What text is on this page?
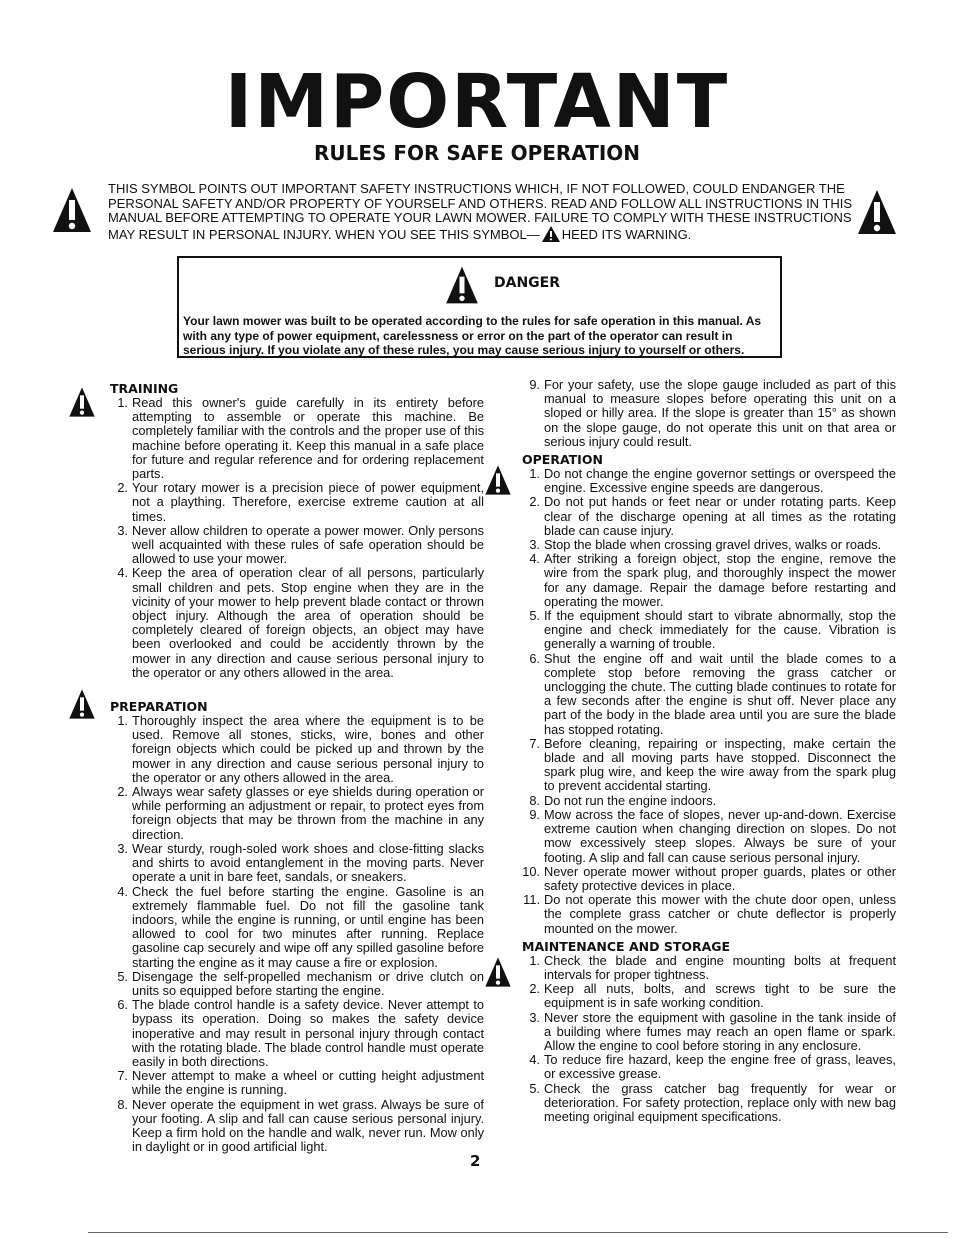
IMPORTANT
RULES FOR SAFE OPERATION
THIS SYMBOL POINTS OUT IMPORTANT SAFETY INSTRUCTIONS WHICH, IF NOT FOLLOWED, COULD ENDANGER THE PERSONAL SAFETY AND/OR PROPERTY OF YOURSELF AND OTHERS. READ AND FOLLOW ALL INSTRUCTIONS IN THIS MANUAL BEFORE ATTEMPTING TO OPERATE YOUR LAWN MOWER. FAILURE TO COMPLY WITH THESE INSTRUCTIONS MAY RESULT IN PERSONAL INJURY. WHEN YOU SEE THIS SYMBOL— HEED ITS WARNING.
DANGER
Your lawn mower was built to be operated according to the rules for safe operation in this manual. As with any type of power equipment, carelessness or error on the part of the operator can result in serious injury. If you violate any of these rules, you may cause serious injury to yourself or others.
TRAINING
1. Read this owner's guide carefully in its entirety before attempting to assemble or operate this machine. Be completely familiar with the controls and the proper use of this machine before operating it. Keep this manual in a safe place for future and regular reference and for ordering replacement parts.
2. Your rotary mower is a precision piece of power equipment, not a plaything. Therefore, exercise extreme caution at all times.
3. Never allow children to operate a power mower. Only persons well acquainted with these rules of safe operation should be allowed to use your mower.
4. Keep the area of operation clear of all persons, particularly small children and pets. Stop engine when they are in the vicinity of your mower to help prevent blade contact or thrown object injury. Although the area of operation should be completely cleared of foreign objects, an object may have been overlooked and could be accidently thrown by the mower in any direction and cause serious personal injury to the operator or any others allowed in the area.
PREPARATION
1. Thoroughly inspect the area where the equipment is to be used. Remove all stones, sticks, wire, bones and other foreign objects which could be picked up and thrown by the mower in any direction and cause serious personal injury to the operator or any others allowed in the area.
2. Always wear safety glasses or eye shields during operation or while performing an adjustment or repair, to protect eyes from foreign objects that may be thrown from the machine in any direction.
3. Wear sturdy, rough-soled work shoes and close-fitting slacks and shirts to avoid entanglement in the moving parts. Never operate a unit in bare feet, sandals, or sneakers.
4. Check the fuel before starting the engine. Gasoline is an extremely flammable fuel. Do not fill the gasoline tank indoors, while the engine is running, or until engine has been allowed to cool for two minutes after running. Replace gasoline cap securely and wipe off any spilled gasoline before starting the engine as it may cause a fire or explosion.
5. Disengage the self-propelled mechanism or drive clutch on units so equipped before starting the engine.
6. The blade control handle is a safety device. Never attempt to bypass its operation. Doing so makes the safety device inoperative and may result in personal injury through contact with the rotating blade. The blade control handle must operate easily in both directions.
7. Never attempt to make a wheel or cutting height adjustment while the engine is running.
8. Never operate the equipment in wet grass. Always be sure of your footing. A slip and fall can cause serious personal injury. Keep a firm hold on the handle and walk, never run. Mow only in daylight or in good artificial light.
9. For your safety, use the slope gauge included as part of this manual to measure slopes before operating this unit on a sloped or hilly area. If the slope is greater than 15° as shown on the slope gauge, do not operate this unit on that area or serious injury could result.
OPERATION
1. Do not change the engine governor settings or overspeed the engine. Excessive engine speeds are dangerous.
2. Do not put hands or feet near or under rotating parts. Keep clear of the discharge opening at all times as the rotating blade can cause injury.
3. Stop the blade when crossing gravel drives, walks or roads.
4. After striking a foreign object, stop the engine, remove the wire from the spark plug, and thoroughly inspect the mower for any damage. Repair the damage before restarting and operating the mower.
5. If the equipment should start to vibrate abnormally, stop the engine and check immediately for the cause. Vibration is generally a warning of trouble.
6. Shut the engine off and wait until the blade comes to a complete stop before removing the grass catcher or unclogging the chute. The cutting blade continues to rotate for a few seconds after the engine is shut off. Never place any part of the body in the blade area until you are sure the blade has stopped rotating.
7. Before cleaning, repairing or inspecting, make certain the blade and all moving parts have stopped. Disconnect the spark plug wire, and keep the wire away from the spark plug to prevent accidental starting.
8. Do not run the engine indoors.
9. Mow across the face of slopes, never up-and-down. Exercise extreme caution when changing direction on slopes. Do not mow excessively steep slopes. Always be sure of your footing. A slip and fall can cause serious personal injury.
10. Never operate mower without proper guards, plates or other safety protective devices in place.
11. Do not operate this mower with the chute door open, unless the complete grass catcher or chute deflector is properly mounted on the mower.
MAINTENANCE AND STORAGE
1. Check the blade and engine mounting bolts at frequent intervals for proper tightness.
2. Keep all nuts, bolts, and screws tight to be sure the equipment is in safe working condition.
3. Never store the equipment with gasoline in the tank inside of a building where fumes may reach an open flame or spark. Allow the engine to cool before storing in any enclosure.
4. To reduce fire hazard, keep the engine free of grass, leaves, or excessive grease.
5. Check the grass catcher bag frequently for wear or deterioration. For safety protection, replace only with new bag meeting original equipment specifications.
2
